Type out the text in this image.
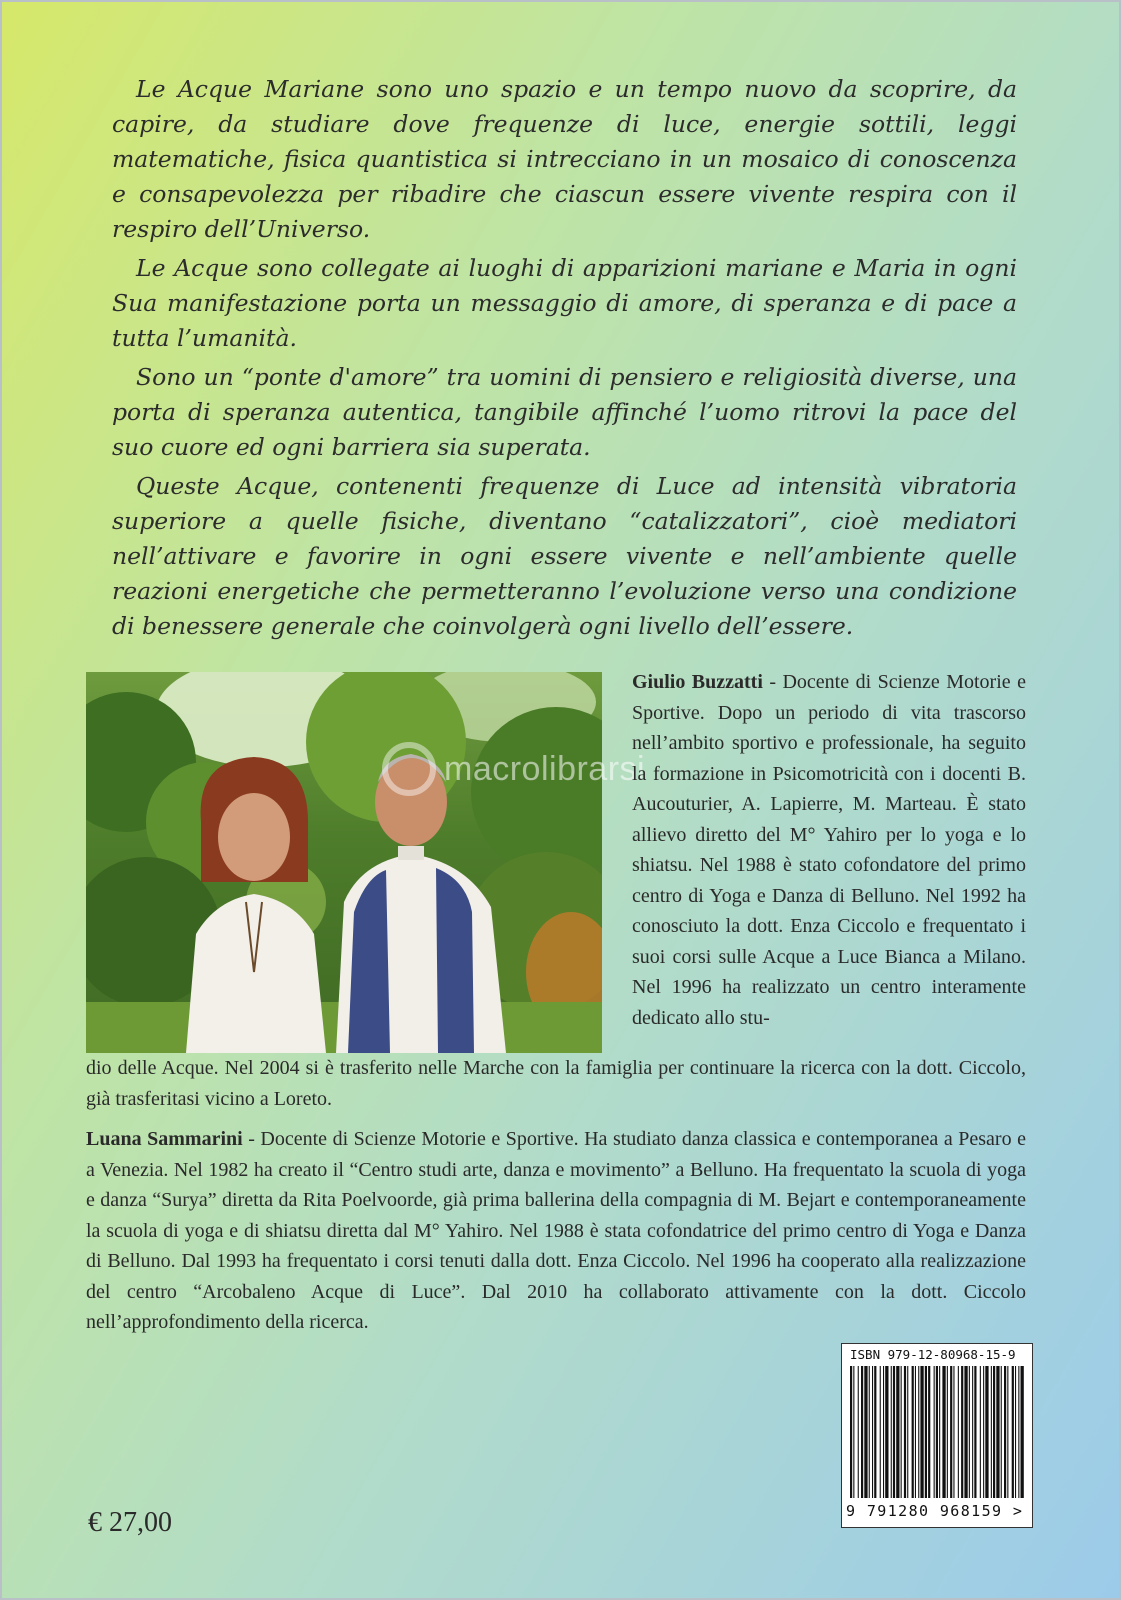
Le Acque Mariane sono uno spazio e un tempo nuovo da scoprire, da capire, da studiare dove frequenze di luce, energie sottili, leggi matematiche, fisica quantistica si intrecciano in un mosaico di conoscenza e consapevolezza per ribadire che ciascun essere vivente respira con il respiro dell’Universo.

Le Acque sono collegate ai luoghi di apparizioni mariane e Maria in ogni Sua manifestazione porta un messaggio di amore, di speranza e di pace a tutta l’umanità.

Sono un “ponte d'amore” tra uomini di pensiero e religiosità diverse, una porta di speranza autentica, tangibile affinché l’uomo ritrovi la pace del suo cuore ed ogni barriera sia superata.

Queste Acque, contenenti frequenze di Luce ad intensità vibratoria superiore a quelle fisiche, diventano “catalizzatori”, cioè mediatori nell’attivare e favorire in ogni essere vivente e nell’ambiente quelle reazioni energetiche che permetteranno l’evoluzione verso una condizione di benessere generale che coinvolgerà ogni livello dell’essere.

macrolibrarsi
Giulio Buzzatti - Docente di Scienze Motorie e Sportive. Dopo un periodo di vita trascorso nell’ambito sportivo e professionale, ha seguito la formazione in Psicomotricità con i docenti B. Aucouturier, A. Lapierre, M. Marteau. È stato allievo diretto del M° Yahiro per lo yoga e lo shiatsu. Nel 1988 è stato cofondatore del primo centro di Yoga e Danza di Belluno. Nel 1992 ha conosciuto la dott. Enza Ciccolo e frequentato i suoi corsi sulle Acque a Luce Bianca a Milano. Nel 1996 ha realizzato un centro interamente dedicato allo stu-
dio delle Acque. Nel 2004 si è trasferito nelle Marche con la famiglia per continuare la ricerca con la dott. Ciccolo, già trasferitasi vicino a Loreto.
Luana Sammarini - Docente di Scienze Motorie e Sportive. Ha studiato danza classica e contemporanea a Pesaro e a Venezia. Nel 1982 ha creato il “Centro studi arte, danza e movimento” a Belluno. Ha frequentato la scuola di yoga e danza “Surya” diretta da Rita Poelvoorde, già prima ballerina della compagnia di M. Bejart e contemporaneamente la scuola di yoga e di shiatsu diretta dal M° Yahiro. Nel 1988 è stata cofondatrice del primo centro di Yoga e Danza di Belluno. Dal 1993 ha frequentato i corsi tenuti dalla dott. Enza Ciccolo. Nel 1996 ha cooperato alla realizzazione del centro “Arcobaleno Acque di Luce”. Dal 2010 ha collaborato attivamente con la dott. Ciccolo nell’approfondimento della ricerca.
ISBN 979-12-80968-15-9
9 791280 968159 >
€ 27,00
